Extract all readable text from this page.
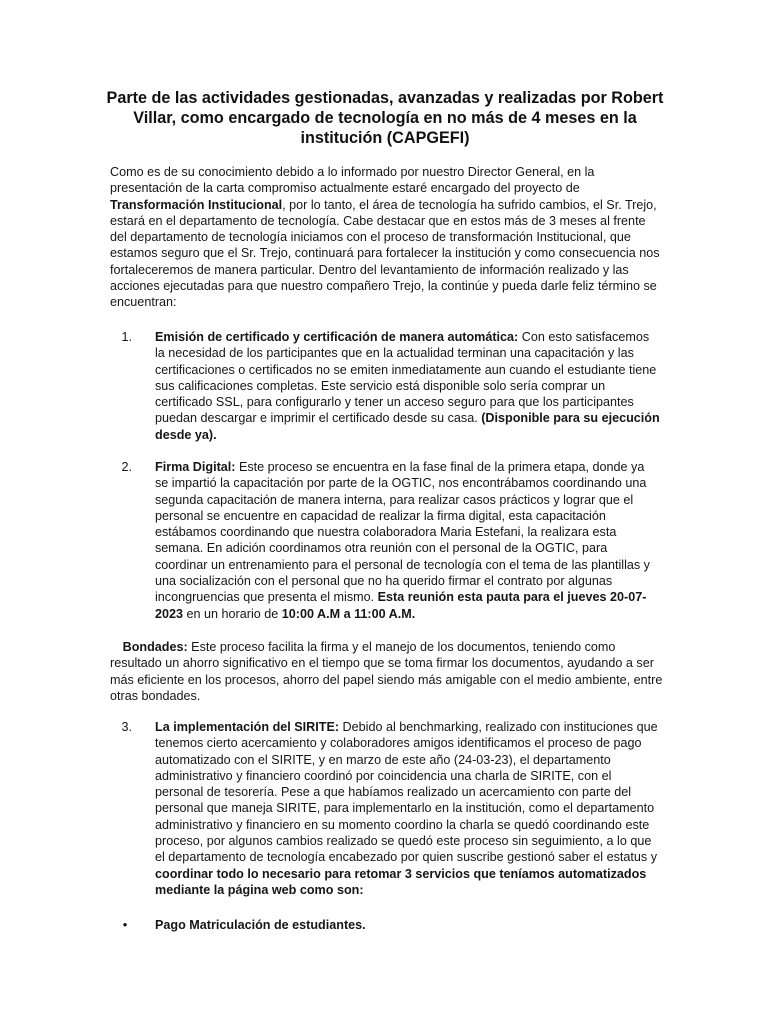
Parte de las actividades gestionadas, avanzadas y realizadas por Robert Villar, como encargado de tecnología en no más de 4 meses en la institución (CAPGEFI)

Como es de su conocimiento debido a lo informado por nuestro Director General, en la presentación de la carta compromiso actualmente estaré encargado del proyecto de Transformación Institucional, por lo tanto, el área de tecnología ha sufrido cambios, el Sr. Trejo, estará en el departamento de tecnología. Cabe destacar que en estos más de 3 meses al frente del departamento de tecnología iniciamos con el proceso de transformación Institucional, que estamos seguro que el Sr. Trejo, continuará para fortalecer la institución y como consecuencia nos fortaleceremos de manera particular. Dentro del levantamiento de información realizado y las acciones ejecutadas para que nuestro compañero Trejo, la continúe y pueda darle feliz término se encuentran:

1. Emisión de certificado y certificación de manera automática: Con esto satisfacemos la necesidad de los participantes que en la actualidad terminan una capacitación y las certificaciones o certificados no se emiten inmediatamente aun cuando el estudiante tiene sus calificaciones completas. Este servicio está disponible solo sería comprar un certificado SSL, para configurarlo y tener un acceso seguro para que los participantes puedan descargar e imprimir el certificado desde su casa. (Disponible para su ejecución desde ya).

2. Firma Digital: Este proceso se encuentra en la fase final de la primera etapa, donde ya se impartió la capacitación por parte de la OGTIC, nos encontrábamos coordinando una segunda capacitación de manera interna, para realizar casos prácticos y lograr que el personal se encuentre en capacidad de realizar la firma digital, esta capacitación estábamos coordinando que nuestra colaboradora Maria Estefani, la realizara esta semana. En adición coordinamos otra reunión con el personal de la OGTIC, para coordinar un entrenamiento para el personal de tecnología con el tema de las plantillas y una socialización con el personal que no ha querido firmar el contrato por algunas incongruencias que presenta el mismo. Esta reunión esta pauta para el jueves 20-07-2023 en un horario de 10:00 A.M a 11:00 A.M.

 Bondades: Este proceso facilita la firma y el manejo de los documentos, teniendo como resultado un ahorro significativo en el tiempo que se toma firmar los documentos, ayudando a ser más eficiente en los procesos, ahorro del papel siendo más amigable con el medio ambiente, entre otras bondades.

3. La implementación del SIRITE: Debido al benchmarking, realizado con instituciones que tenemos cierto acercamiento y colaboradores amigos identificamos el proceso de pago automatizado con el SIRITE, y en marzo de este año (24-03-23), el departamento administrativo y financiero coordinó por coincidencia una charla de SIRITE, con el personal de tesorería. Pese a que habíamos realizado un acercamiento con parte del personal que maneja SIRITE, para implementarlo en la institución, como el departamento administrativo y financiero en su momento coordino la charla se quedó coordinando este proceso, por algunos cambios realizado se quedó este proceso sin seguimiento, a lo que el departamento de tecnología encabezado por quien suscribe gestionó saber el estatus y coordinar todo lo necesario para retomar 3 servicios que teníamos automatizados mediante la página web como son:

•	Pago Matriculación de estudiantes.
